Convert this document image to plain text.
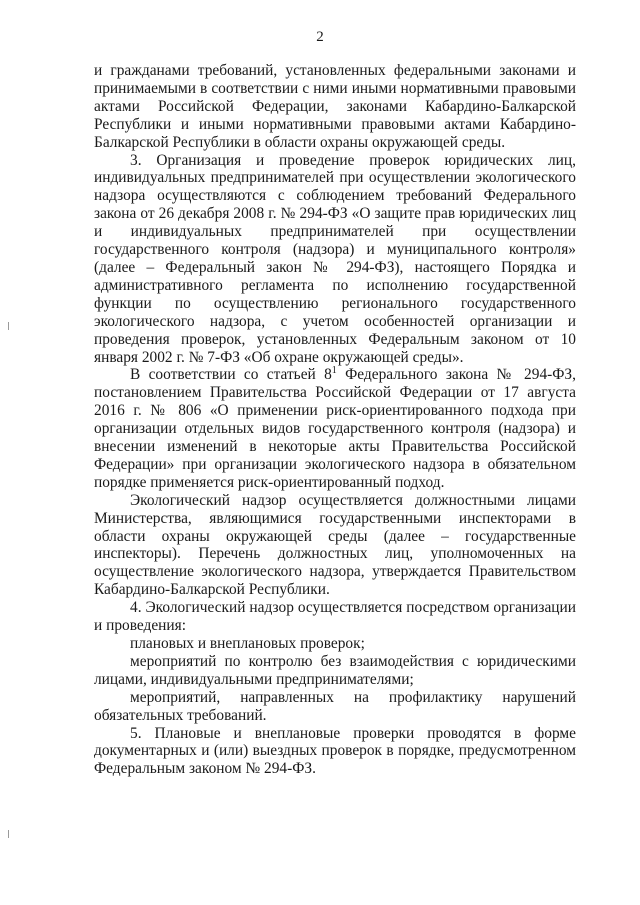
2

и гражданами требований, установленных федеральными законами и принимаемыми в соответствии с ними иными нормативными правовыми актами Российской Федерации, законами Кабардино-Балкарской Республики и иными нормативными правовыми актами Кабардино-Балкарской Республики в области охраны окружающей среды.

3. Организация и проведение проверок юридических лиц, индивидуальных предпринимателей при осуществлении экологического надзора осуществляются с соблюдением требований Федерального закона от 26 декабря 2008 г. № 294-ФЗ «О защите прав юридических лиц и индивидуальных предпринимателей при осуществлении государственного контроля (надзора) и муниципального контроля» (далее – Федеральный закон № 294-ФЗ), настоящего Порядка и административного регламента по исполнению государственной функции по осуществлению регионального государственного экологического надзора, с учетом особенностей организации и проведения проверок, установленных Федеральным законом от 10 января 2002 г. № 7-ФЗ «Об охране окружающей среды».

В соответствии со статьей $8^1$ Федерального закона № 294-ФЗ, постановлением Правительства Российской Федерации от 17 августа 2016 г. № 806 «О применении риск-ориентированного подхода при организации отдельных видов государственного контроля (надзора) и внесении изменений в некоторые акты Правительства Российской Федерации» при организации экологического надзора в обязательном порядке применяется риск-ориентированный подход.

Экологический надзор осуществляется должностными лицами Министерства, являющимися государственными инспекторами в области охраны окружающей среды (далее – государственные инспекторы). Перечень должностных лиц, уполномоченных на осуществление экологического надзора, утверждается Правительством Кабардино-Балкарской Республики.

4. Экологический надзор осуществляется посредством организации и проведения:

плановых и внеплановых проверок;

мероприятий по контролю без взаимодействия с юридическими лицами, индивидуальными предпринимателями;

мероприятий, направленных на профилактику нарушений обязательных требований.

5. Плановые и внеплановые проверки проводятся в форме документарных и (или) выездных проверок в порядке, предусмотренном Федеральным законом № 294-ФЗ.
